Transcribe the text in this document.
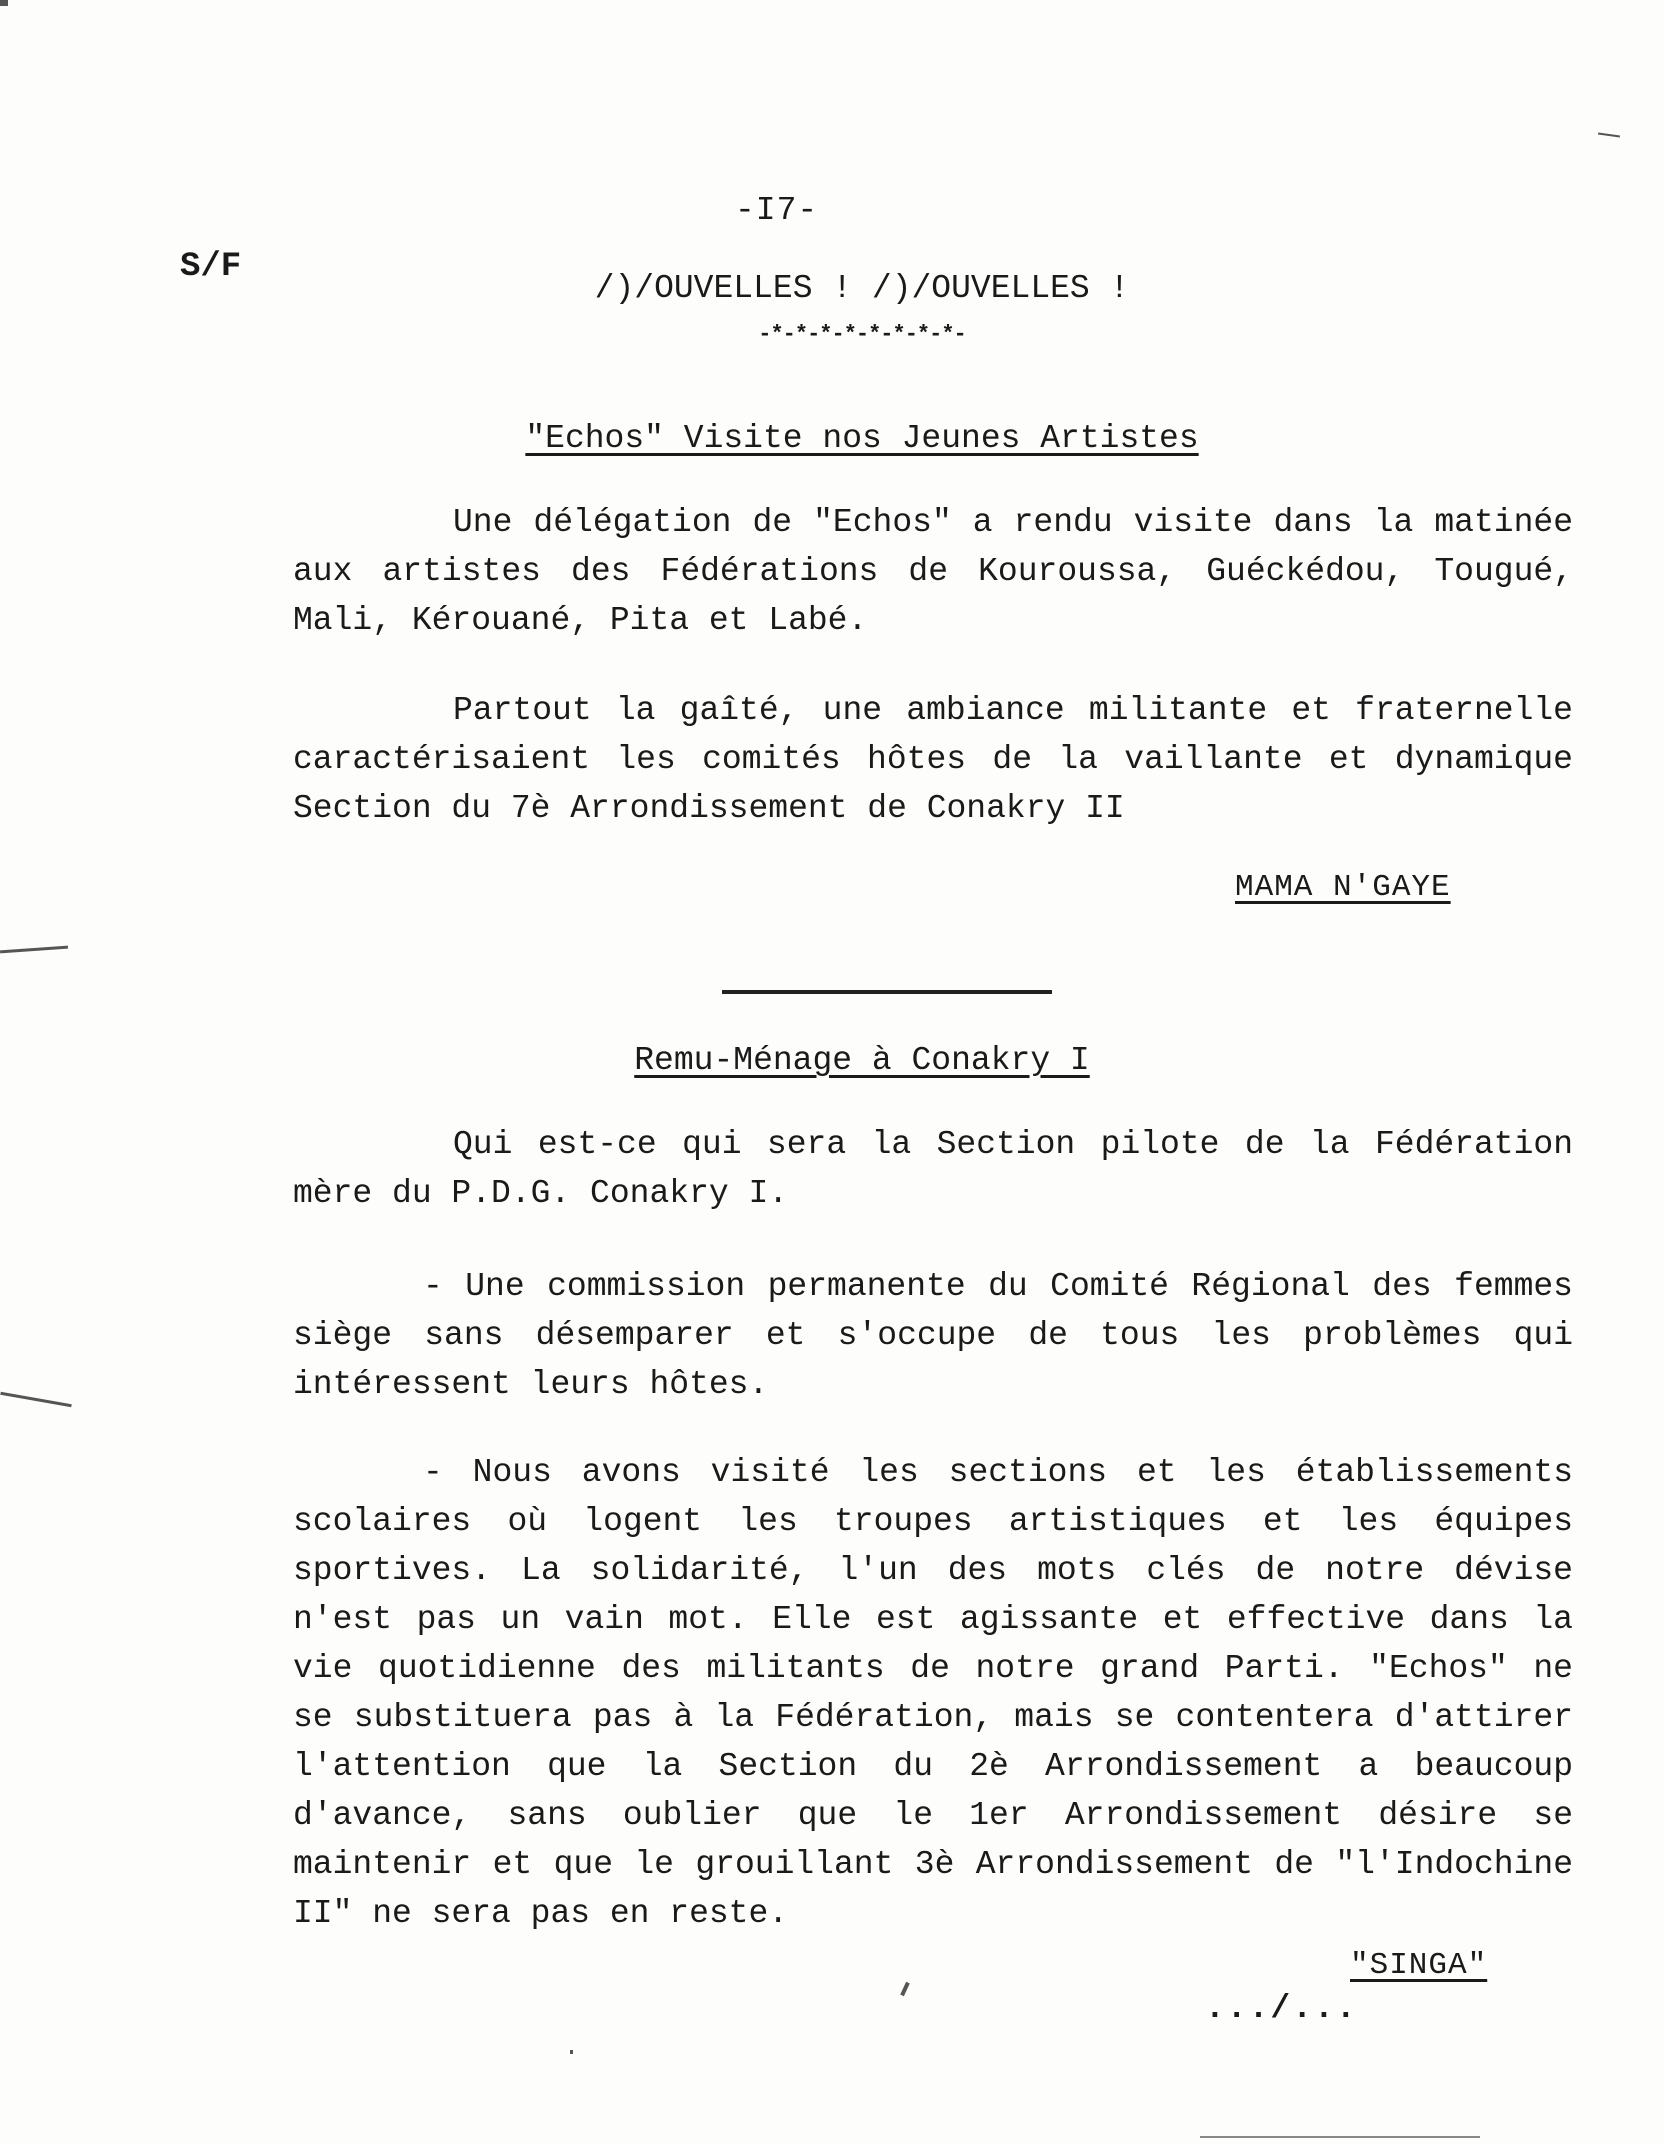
-I7-
S/F
/)/OUVELLES ! /)/OUVELLES !
-*-*-*-*-*-*-*-*-
"Echos" Visite nos Jeunes Artistes

Une délégation de "Echos" a rendu visite dans la matinée aux artistes des Fédérations de Kouroussa, Guéckédou, Tougué, Mali, Kérouané, Pita et Labé.

Partout la gaîté, une ambiance militante et fraternelle caractérisaient les comités hôtes de la vaillante et dynamique Section du 7è Arrondissement de Conakry II

MAMA N'GAYE
Remu-Ménage à Conakry I

Qui est-ce qui sera la Section pilote de la Fédération mère du P.D.G. Conakry I.

- Une commission permanente du Comité Régional des femmes siège sans désemparer et s'occupe de tous les problèmes qui intéressent leurs hôtes.

- Nous avons visité les sections et les établissements scolaires où logent les troupes artistiques et les équipes sportives. La solidarité, l'un des mots clés de notre dévise n'est pas un vain mot. Elle est agissante et effective dans la vie quotidienne des militants de notre grand Parti. "Echos" ne se substituera pas à la Fédération, mais se contentera d'attirer l'attention que la Section du 2è Arrondissement a beaucoup d'avance, sans oublier que le 1er Arrondissement désire se maintenir et que le grouillant 3è Arrondissement de "l'Indochine II" ne sera pas en reste.

"SINGA"
.../...
